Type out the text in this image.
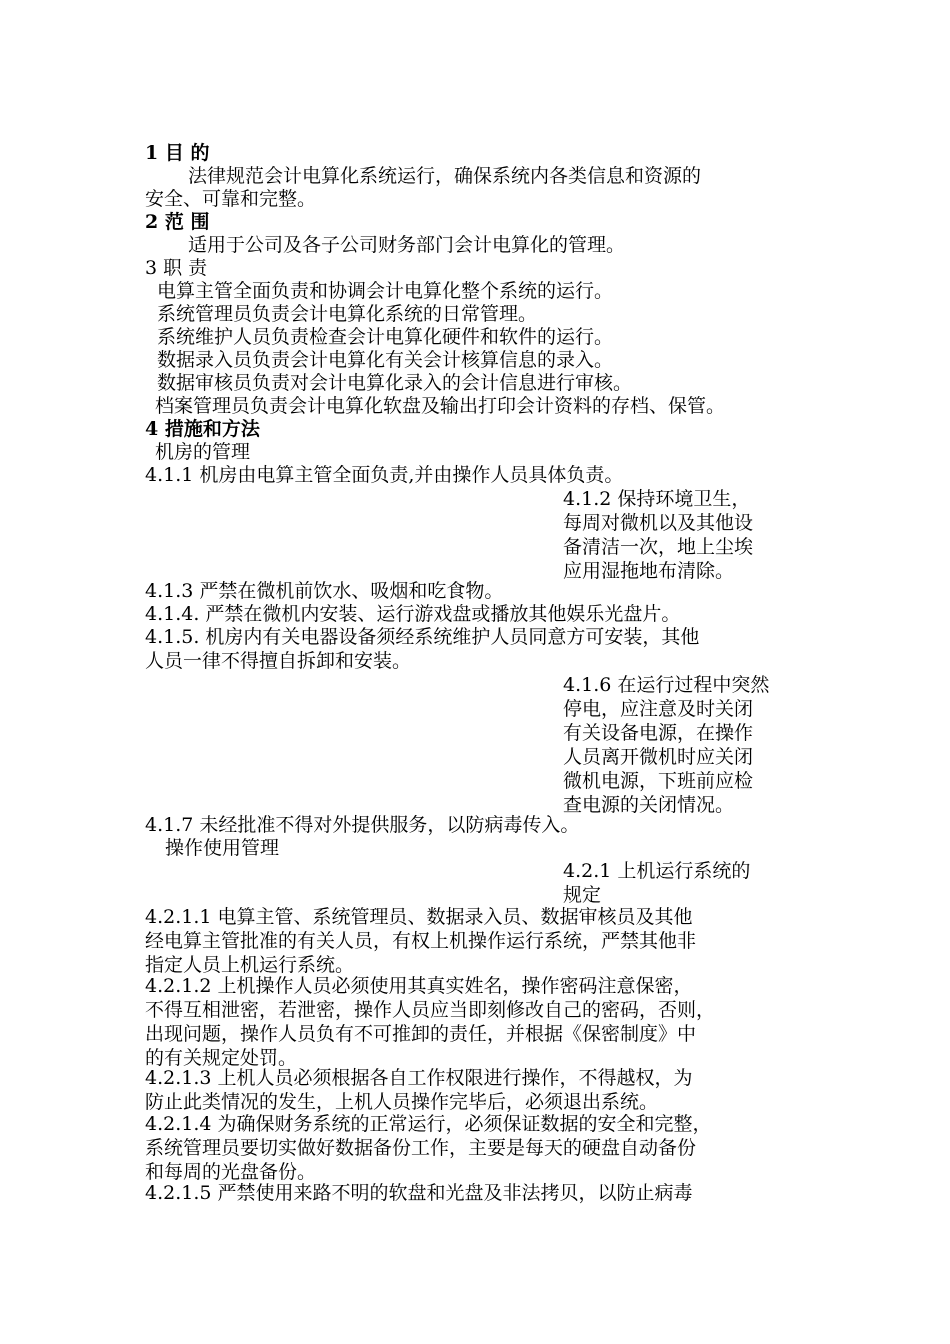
1 目 的

法律规范会计电算化系统运行，确保系统内各类信息和资源的

安全、可靠和完整。

2 范 围

适用于公司及各子公司财务部门会计电算化的管理。

3 职 责

电算主管全面负责和协调会计电算化整个系统的运行。

系统管理员负责会计电算化系统的日常管理。

系统维护人员负责检查会计电算化硬件和软件的运行。

数据录入员负责会计电算化有关会计核算信息的录入。

数据审核员负责对会计电算化录入的会计信息进行审核。

档案管理员负责会计电算化软盘及输出打印会计资料的存档、保管。

4 措施和方法

机房的管理

4.1.1 机房由电算主管全面负责,并由操作人员具体负责。

4.1.2 保持环境卫生，
每周对微机以及其他设
备清洁一次，地上尘埃
应用湿拖地布清除。

4.1.3 严禁在微机前饮水、吸烟和吃食物。

4.1.4. 严禁在微机内安装、运行游戏盘或播放其他娱乐光盘片。

4.1.5. 机房内有关电器设备须经系统维护人员同意方可安装，其他
人员一律不得擅自拆卸和安装。
4.1.6 在运行过程中突然
停电，应注意及时关闭
有关设备电源，在操作
人员离开微机时应关闭
微机电源，下班前应检
查电源的关闭情况。

4.1.7 未经批准不得对外提供服务，以防病毒传入。

操作使用管理

4.2.1 上机运行系统的
规定
4.2.1.1 电算主管、系统管理员、数据录入员、数据审核员及其他
经电算主管批准的有关人员，有权上机操作运行系统，严禁其他非
指定人员上机运行系统。
4.2.1.2 上机操作人员必须使用其真实姓名，操作密码注意保密，
不得互相泄密，若泄密，操作人员应当即刻修改自己的密码，否则，
出现问题，操作人员负有不可推卸的责任，并根据《保密制度》中
的有关规定处罚。
4.2.1.3 上机人员必须根据各自工作权限进行操作，不得越权，为
防止此类情况的发生，上机人员操作完毕后，必须退出系统。
4.2.1.4 为确保财务系统的正常运行，必须保证数据的安全和完整，
系统管理员要切实做好数据备份工作，主要是每天的硬盘自动备份
和每周的光盘备份。

4.2.1.5 严禁使用来路不明的软盘和光盘及非法拷贝，以防止病毒
